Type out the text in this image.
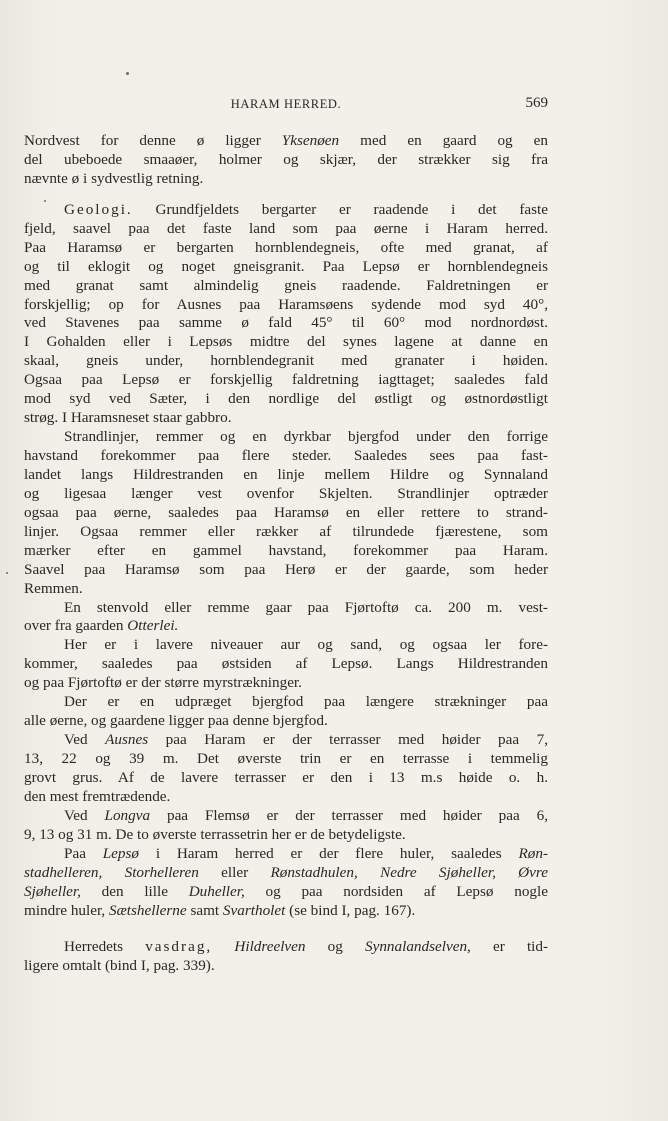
HARAM HERRED.	569
Nordvest for denne ø ligger Yksenøen med en gaard og en
del ubeboede smaaøer, holmer og skjær, der strækker sig fra
nævnte ø i sydvestlig retning.
Geologi. Grundfjeldets bergarter er raadende i det faste
fjeld, saavel paa det faste land som paa øerne i Haram herred.
Paa Haramsø er bergarten hornblendegneis, ofte med granat, af
og til eklogit og noget gneisgranit. Paa Lepsø er hornblendegneis
med granat samt almindelig gneis raadende. Faldretningen er
forskjellig; op for Ausnes paa Haramsøens sydende mod syd 40°,
ved Stavenes paa samme ø fald 45° til 60° mod nordnordøst.
I Gohalden eller i Lepsøs midtre del synes lagene at danne en
skaal, gneis under, hornblendegranit med granater i høiden.
Ogsaa paa Lepsø er forskjellig faldretning iagttaget; saaledes fald
mod syd ved Sæter, i den nordlige del østligt og østnordøstligt
strøg. I Haramsneset staar gabbro.
Strandlinjer, remmer og en dyrkbar bjergfod under den forrige
havstand forekommer paa flere steder. Saaledes sees paa fast-
landet langs Hildrestranden en linje mellem Hildre og Synnaland
og ligesaa længer vest ovenfor Skjelten. Strandlinjer optræder
ogsaa paa øerne, saaledes paa Haramsø en eller rettere to strand-
linjer. Ogsaa remmer eller rækker af tilrundede fjærestene, som
mærker efter en gammel havstand, forekommer paa Haram.
Saavel paa Haramsø som paa Herø er der gaarde, som heder
Remmen.
En stenvold eller remme gaar paa Fjørtoftø ca. 200 m. vest-
over fra gaarden Otterlei.
Her er i lavere niveauer aur og sand, og ogsaa ler fore-
kommer, saaledes paa østsiden af Lepsø. Langs Hildrestranden
og paa Fjørtoftø er der større myrstrækninger.
Der er en udpræget bjergfod paa længere strækninger paa
alle øerne, og gaardene ligger paa denne bjergfod.
Ved Ausnes paa Haram er der terrasser med høider paa 7,
13, 22 og 39 m. Det øverste trin er en terrasse i temmelig
grovt grus. Af de lavere terrasser er den i 13 m.s høide o. h.
den mest fremtrædende.
Ved Longva paa Flemsø er der terrasser med høider paa 6,
9, 13 og 31 m. De to øverste terrassetrin her er de betydeligste.
Paa Lepsø i Haram herred er der flere huler, saaledes Røn-
stadhelleren, Storhelleren eller Rønstadhulen, Nedre Sjøheller, Øvre
Sjøheller, den lille Duheller, og paa nordsiden af Lepsø nogle
mindre huler, Sætshellerne samt Svartholet (se bind I, pag. 167).
Herredets vasdrag, Hildreelven og Synnalandselven, er tid-
ligere omtalt (bind I, pag. 339).
